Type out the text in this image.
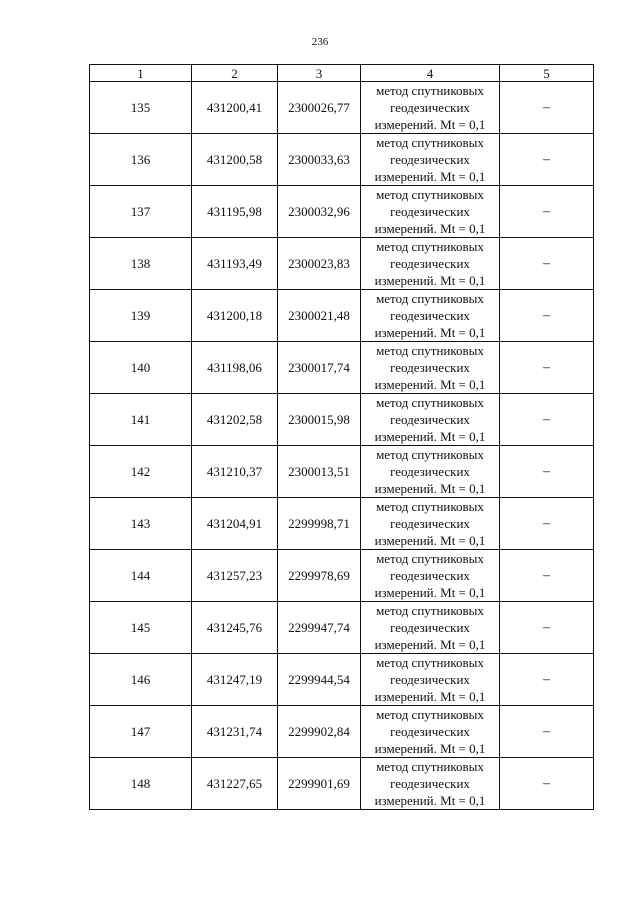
236
1	2	3	4	5
135	431200,41	2300026,77	метод спутниковых
геодезических
измерений. Mt = 0,1	–
136	431200,58	2300033,63	метод спутниковых
геодезических
измерений. Mt = 0,1	–
137	431195,98	2300032,96	метод спутниковых
геодезических
измерений. Mt = 0,1	–
138	431193,49	2300023,83	метод спутниковых
геодезических
измерений. Mt = 0,1	–
139	431200,18	2300021,48	метод спутниковых
геодезических
измерений. Mt = 0,1	–
140	431198,06	2300017,74	метод спутниковых
геодезических
измерений. Mt = 0,1	–
141	431202,58	2300015,98	метод спутниковых
геодезических
измерений. Mt = 0,1	–
142	431210,37	2300013,51	метод спутниковых
геодезических
измерений. Mt = 0,1	–
143	431204,91	2299998,71	метод спутниковых
геодезических
измерений. Mt = 0,1	–
144	431257,23	2299978,69	метод спутниковых
геодезических
измерений. Mt = 0,1	–
145	431245,76	2299947,74	метод спутниковых
геодезических
измерений. Mt = 0,1	–
146	431247,19	2299944,54	метод спутниковых
геодезических
измерений. Mt = 0,1	–
147	431231,74	2299902,84	метод спутниковых
геодезических
измерений. Mt = 0,1	–
148	431227,65	2299901,69	метод спутниковых
геодезических
измерений. Mt = 0,1	–
